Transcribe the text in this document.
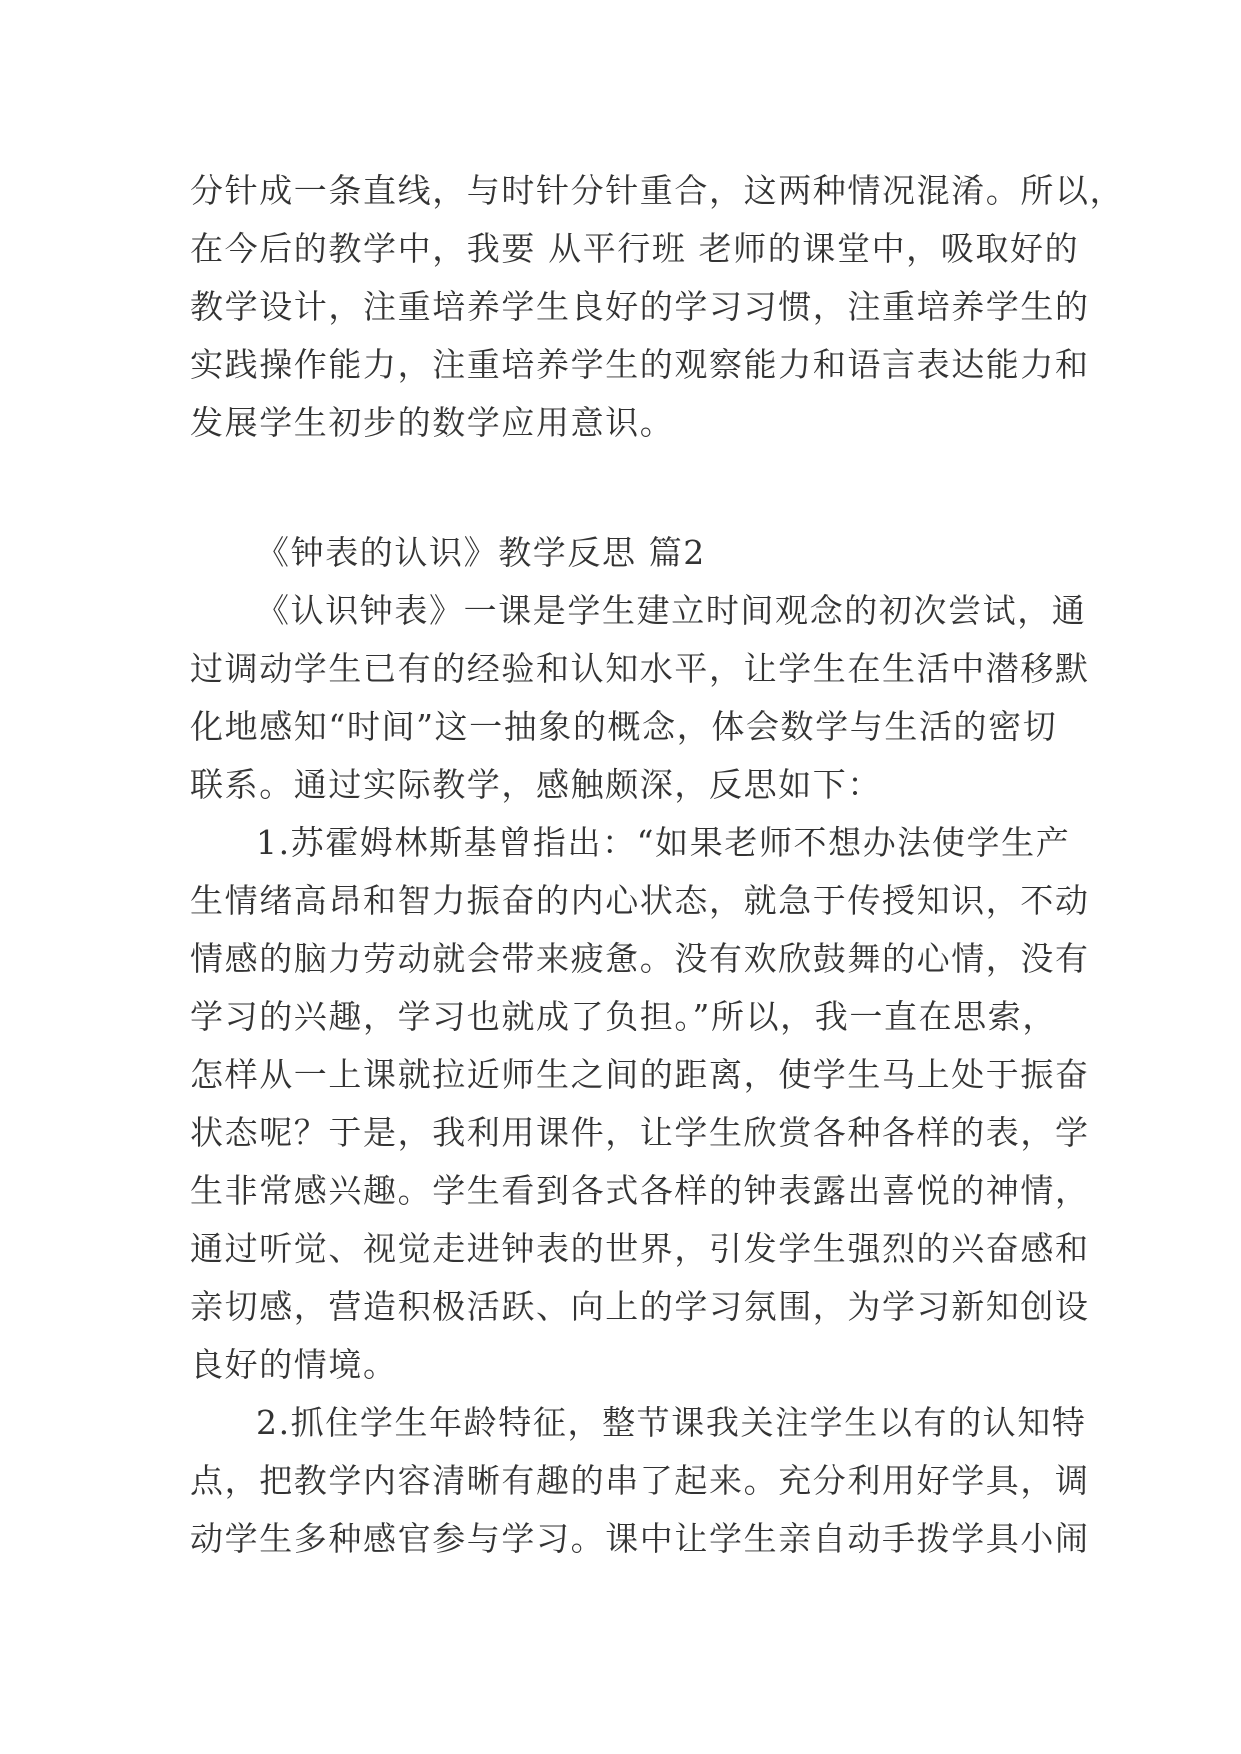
分针成一条直线，与时针分针重合，这两种情况混淆。所以，
在今后的教学中，我要 从平行班 老师的课堂中，吸取好的
教学设计，注重培养学生良好的学习习惯，注重培养学生的
实践操作能力，注重培养学生的观察能力和语言表达能力和
发展学生初步的数学应用意识。
《钟表的认识》教学反思 篇2
《认识钟表》一课是学生建立时间观念的初次尝试，通
过调动学生已有的经验和认知水平，让学生在生活中潜移默
化地感知“时间”这一抽象的概念，体会数学与生活的密切
联系。通过实际教学，感触颇深，反思如下：
1.苏霍姆林斯基曾指出：“如果老师不想办法使学生产
生情绪高昂和智力振奋的内心状态，就急于传授知识，不动
情感的脑力劳动就会带来疲惫。没有欢欣鼓舞的心情，没有
学习的兴趣，学习也就成了负担。”所以，我一直在思索，
怎样从一上课就拉近师生之间的距离，使学生马上处于振奋
状态呢？于是，我利用课件，让学生欣赏各种各样的表，学
生非常感兴趣。学生看到各式各样的钟表露出喜悦的神情，
通过听觉、视觉走进钟表的世界，引发学生强烈的兴奋感和
亲切感，营造积极活跃、向上的学习氛围，为学习新知创设
良好的情境。
2.抓住学生年龄特征，整节课我关注学生以有的认知特
点，把教学内容清晰有趣的串了起来。充分利用好学具，调
动学生多种感官参与学习。课中让学生亲自动手拨学具小闹
